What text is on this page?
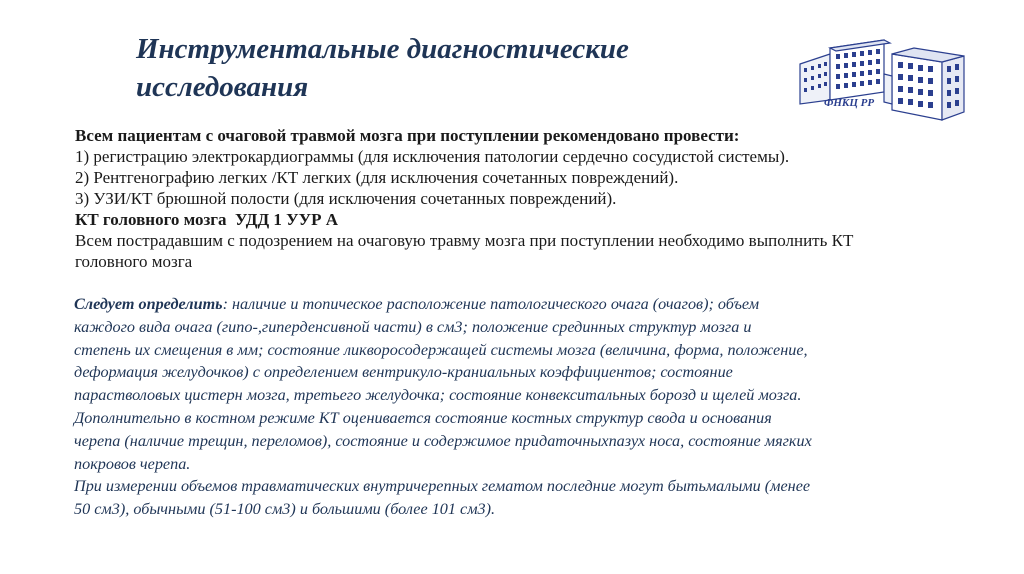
Инструментальные диагностические
исследования	ФНКЦ РР
Всем пациентам с очаговой травмой мозга при поступлении рекомендовано провести:
1) регистрацию электрокардиограммы (для исключения патологии сердечно сосудистой системы).
2) Рентгенографию легких /КТ легких (для исключения сочетанных повреждений).
3) УЗИ/КТ брюшной полости (для исключения сочетанных повреждений).
КТ головного мозга  УДД 1 УУР А
Всем пострадавшим с подозрением на очаговую травму мозга при поступлении необходимо выполнить КТ
головного мозга
Следует определить: наличие и топическое расположение патологического очага (очагов); объем
каждого вида очага (гипо-,гиперденсивной части) в см3; положение срединных структур мозга и
степень их смещения в мм; состояние ликворосодержащей системы мозга (величина, форма, положение,
деформация желудочков) с определением вентрикуло-краниальных коэффициентов; состояние
парастволовых цистерн мозга, третьего желудочка; состояние конвекситальных борозд и щелей мозга.
Дополнительно в костном режиме КТ оценивается состояние костных структур свода и основания
черепа (наличие трещин, переломов), состояние и содержимое придаточныхпазух носа, состояние мягких
покровов черепа.
При измерении объемов травматических внутричерепных гематом последние могут бытьмалыми (менее
50 см3), обычными (51-100 см3) и большими (более 101 см3).
